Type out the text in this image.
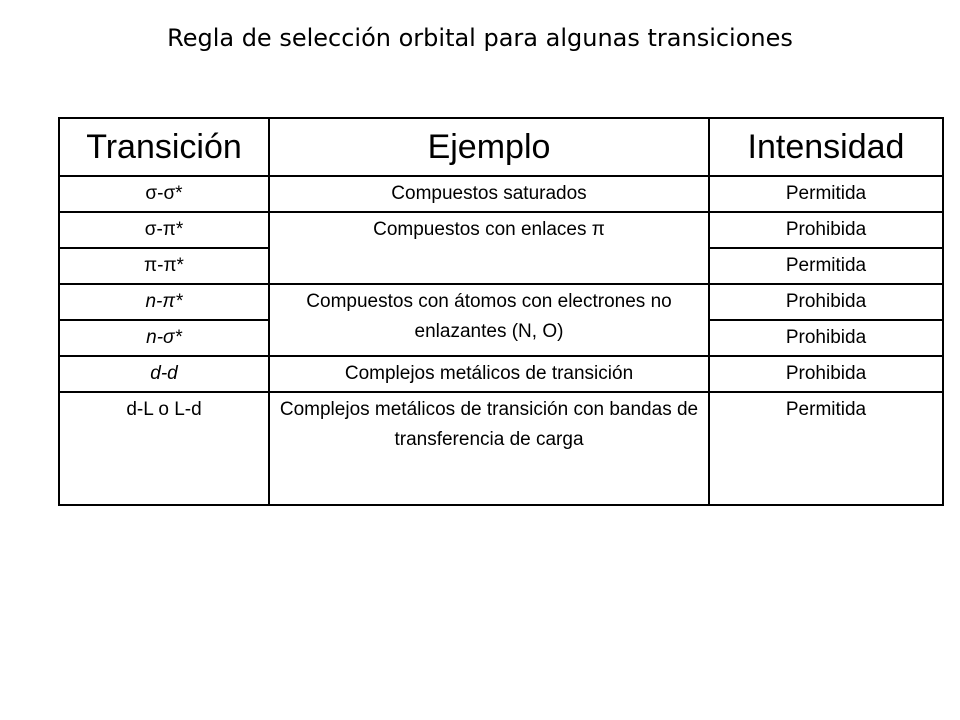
Regla de selección orbital para algunas transiciones
Transición	Ejemplo	Intensidad
σ-σ*	Compuestos saturados	Permitida
σ-π*	Compuestos con enlaces π	Prohibida
π-π*		Permitida
n-π*	Compuestos con átomos con electrones no enlazantes (N, O)	Prohibida
n-σ*		Prohibida
d-d	Complejos metálicos de transición	Prohibida
d-L o L-d	Complejos metálicos de transición con bandas de transferencia de carga	Permitida
